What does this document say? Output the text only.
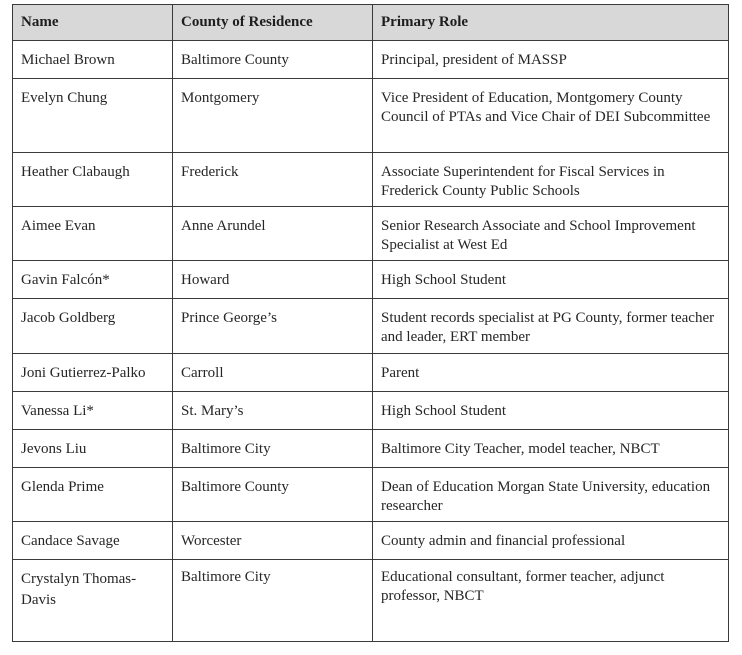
Name	County of Residence	Primary Role
Michael Brown	Baltimore County	Principal, president of MASSP
Evelyn Chung	Montgomery	Vice President of Education, Montgomery County Council of PTAs and Vice Chair of DEI Subcommittee
Heather Clabaugh	Frederick	Associate Superintendent for Fiscal Services in Frederick County Public Schools
Aimee Evan	Anne Arundel	Senior Research Associate and School Improvement Specialist at West Ed
Gavin Falcón*	Howard	High School Student
Jacob Goldberg	Prince George’s	Student records specialist at PG County, former teacher and leader, ERT member
Joni Gutierrez-Palko	Carroll	Parent
Vanessa Li*	St. Mary’s	High School Student
Jevons Liu	Baltimore City	Baltimore City Teacher, model teacher, NBCT
Glenda Prime	Baltimore County	Dean of Education Morgan State University, education researcher
Candace Savage	Worcester	County admin and financial professional
Crystalyn Thomas-Davis	Baltimore City	Educational consultant, former teacher, adjunct professor, NBCT
